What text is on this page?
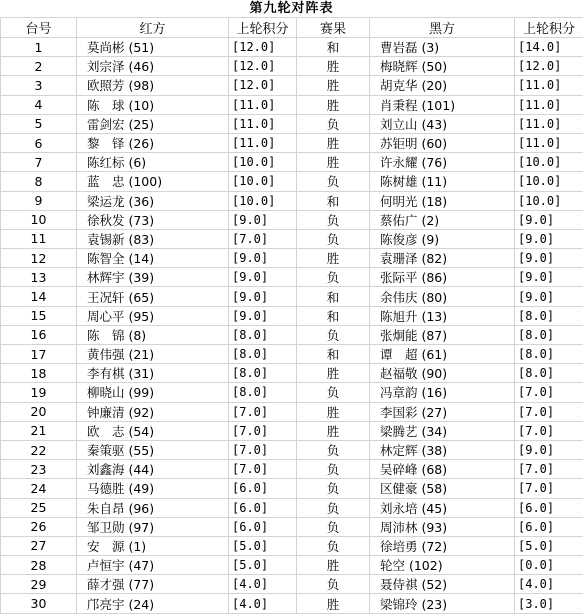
第九轮对阵表
台号	红方	上轮积分	赛果	黑方	上轮积分
1	莫尚彬 (51)	[12.0]	和	曹岩磊 (3)	[14.0]
2	刘宗泽 (46)	[12.0]	胜	梅晓辉 (50)	[12.0]
3	欧照芳 (98)	[12.0]	胜	胡克华 (20)	[11.0]
4	陈　球 (10)	[11.0]	胜	肖秉程 (101)	[11.0]
5	雷剑宏 (25)	[11.0]	负	刘立山 (43)	[11.0]
6	黎　铎 (26)	[11.0]	胜	苏钜明 (60)	[11.0]
7	陈红标 (6)	[10.0]	胜	许永耀 (76)	[10.0]
8	蓝　忠 (100)	[10.0]	负	陈树雄 (11)	[10.0]
9	梁运龙 (36)	[10.0]	和	何明光 (18)	[10.0]
10	徐秋发 (73)	[9.0]	负	蔡佑广 (2)	[9.0]
11	袁锡新 (83)	[7.0]	负	陈俊彦 (9)	[9.0]
12	陈智全 (14)	[9.0]	胜	袁珊泽 (82)	[9.0]
13	林辉宇 (39)	[9.0]	负	张际平 (86)	[9.0]
14	王况轩 (65)	[9.0]	和	余伟庆 (80)	[9.0]
15	周心平 (95)	[9.0]	和	陈旭升 (13)	[8.0]
16	陈　锦 (8)	[8.0]	负	张炯能 (87)	[8.0]
17	黄伟强 (21)	[8.0]	和	谭　超 (61)	[8.0]
18	李有棋 (31)	[8.0]	胜	赵福敬 (90)	[8.0]
19	柳晓山 (99)	[8.0]	负	冯章韵 (16)	[7.0]
20	钟廉清 (92)	[7.0]	胜	李国彩 (27)	[7.0]
21	欧　志 (54)	[7.0]	胜	梁腾艺 (34)	[7.0]
22	秦策驱 (55)	[7.0]	负	林定辉 (38)	[9.0]
23	刘鑫海 (44)	[7.0]	负	吴碎峰 (68)	[7.0]
24	马德胜 (49)	[6.0]	负	区健豪 (58)	[7.0]
25	朱自昂 (96)	[6.0]	负	刘永培 (45)	[6.0]
26	邹卫勋 (97)	[6.0]	负	周沛林 (93)	[6.0]
27	安　源 (1)	[5.0]	负	徐培勇 (72)	[5.0]
28	卢恒宇 (47)	[5.0]	胜	轮空 (102)	[0.0]
29	薛才强 (77)	[4.0]	负	聂侍祺 (52)	[4.0]
30	邝亮宇 (24)	[4.0]	胜	梁锦玲 (23)	[3.0]
